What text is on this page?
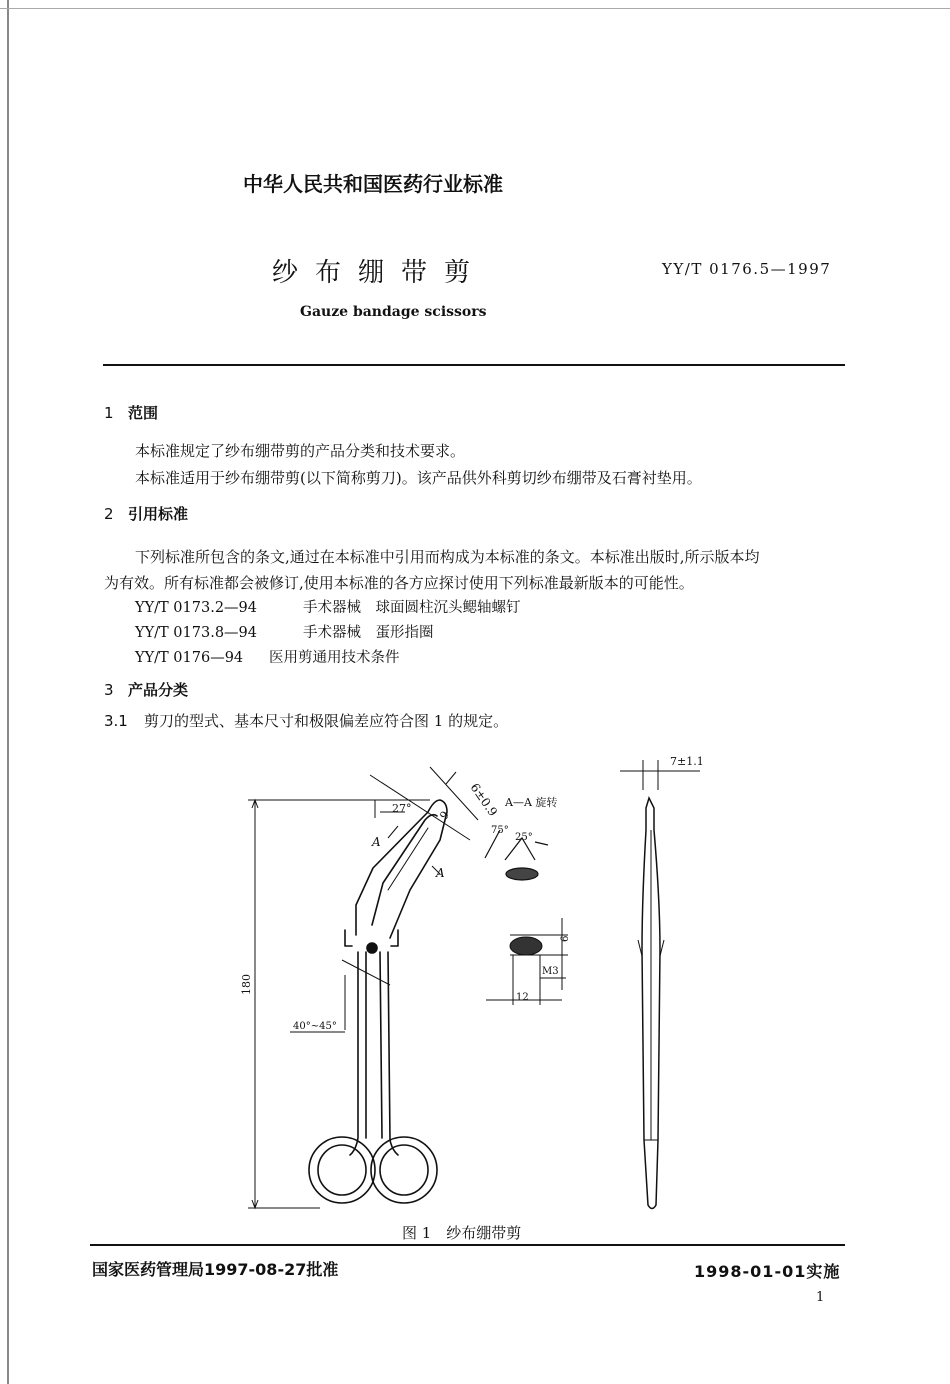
中华人民共和国医药行业标准
纱布绷带剪	YY/T 0176.5—1997
Gauze bandage scissors
1 范围
本标准规定了纱布绷带剪的产品分类和技术要求。
本标准适用于纱布绷带剪(以下简称剪刀)。该产品供外科剪切纱布绷带及石膏衬垫用。
2 引用标准
下列标准所包含的条文,通过在本标准中引用而构成为本标准的条文。本标准出版时,所示版本均
为有效。所有标准都会被修订,使用本标准的各方应探讨使用下列标准最新版本的可能性。
YY/T 0173.2—94	手术器械　球面圆柱沉头鳃轴螺钉
YY/T 0173.8—94	手术器械　蛋形指圈
YY/T 0176—94 医用剪通用技术条件
3 产品分类
3.1 剪刀的型式、基本尺寸和极限偏差应符合图 1 的规定。
6±0.9
9
27°
A
A
A—A 旋转
75°
25°
180
40°~45°
7±1.1
6
M3
12
图 1　纱布绷带剪
国家医药管理局1997-08-27批准	1998-01-01实施
1
